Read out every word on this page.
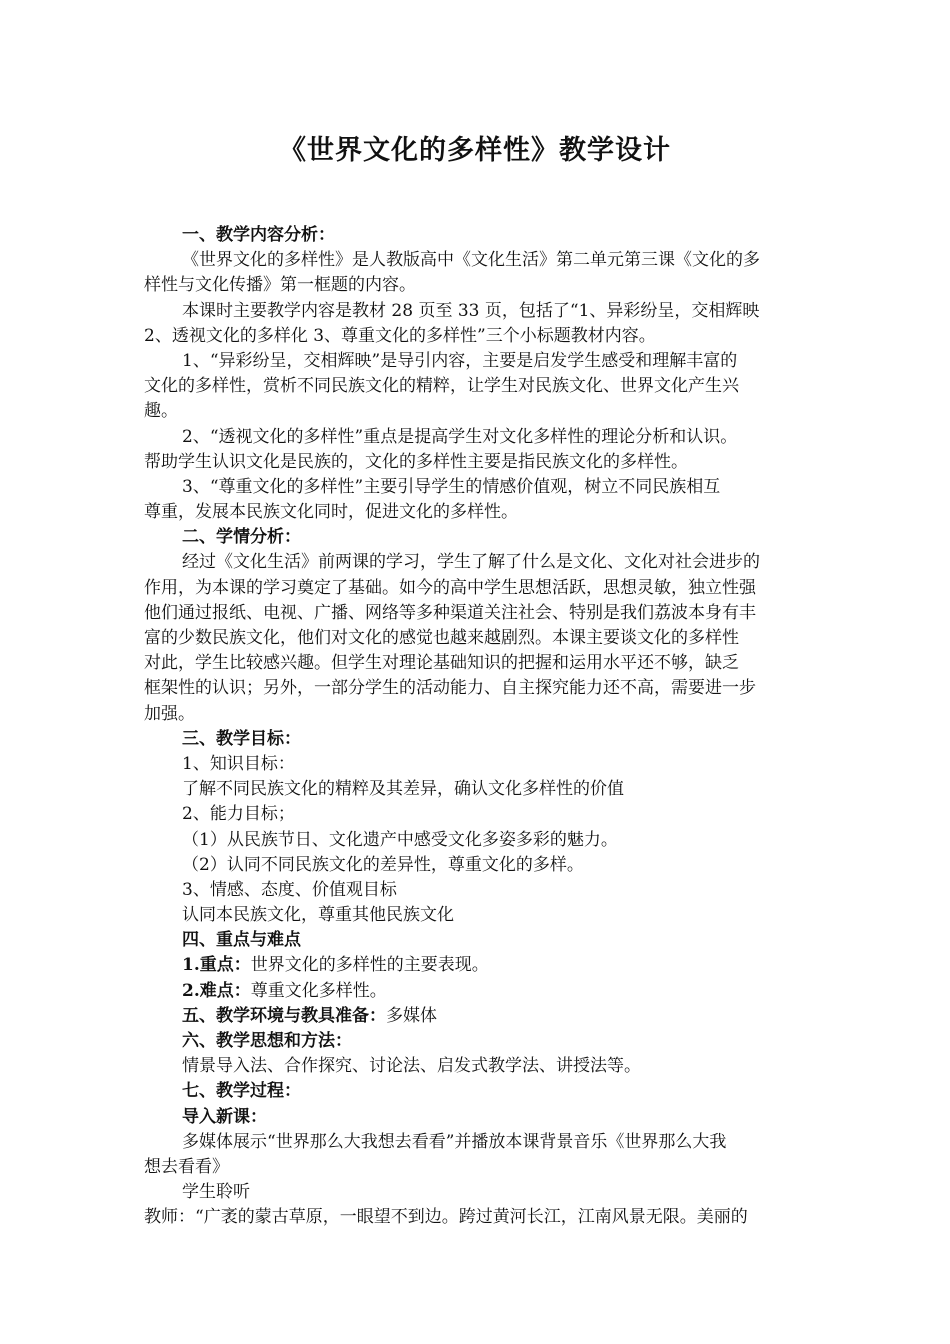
《世界文化的多样性》教学设计
一、教学内容分析：
《世界文化的多样性》是人教版高中《文化生活》第二单元第三课《文化的多
样性与文化传播》第一框题的内容。
本课时主要教学内容是教材 28 页至 33 页，包括了“1、异彩纷呈，交相辉映
2、透视文化的多样化 3、尊重文化的多样性”三个小标题教材内容。
1、“异彩纷呈，交相辉映”是导引内容，主要是启发学生感受和理解丰富的
文化的多样性，赏析不同民族文化的精粹，让学生对民族文化、世界文化产生兴
趣。
2、“透视文化的多样性”重点是提高学生对文化多样性的理论分析和认识。
帮助学生认识文化是民族的，文化的多样性主要是指民族文化的多样性。
3、“尊重文化的多样性”主要引导学生的情感价值观，树立不同民族相互
尊重，发展本民族文化同时，促进文化的多样性。
二、学情分析：
经过《文化生活》前两课的学习，学生了解了什么是文化、文化对社会进步的
作用，为本课的学习奠定了基础。如今的高中学生思想活跃，思想灵敏，独立性强
他们通过报纸、电视、广播、网络等多种渠道关注社会、特别是我们荔波本身有丰
富的少数民族文化，他们对文化的感觉也越来越剧烈。本课主要谈文化的多样性
对此，学生比较感兴趣。但学生对理论基础知识的把握和运用水平还不够，缺乏
框架性的认识；另外，一部分学生的活动能力、自主探究能力还不高，需要进一步
加强。
三、教学目标：
1、知识目标：
了解不同民族文化的精粹及其差异，确认文化多样性的价值
2、能力目标；
（1）从民族节日、文化遗产中感受文化多姿多彩的魅力。
（2）认同不同民族文化的差异性，尊重文化的多样。
3、情感、态度、价值观目标
认同本民族文化，尊重其他民族文化
四、重点与难点
1.重点：世界文化的多样性的主要表现。
2.难点：尊重文化多样性。
五、教学环境与教具准备：多媒体
六、教学思想和方法：
情景导入法、合作探究、讨论法、启发式教学法、讲授法等。
七、教学过程：
导入新课：
多媒体展示“世界那么大我想去看看”并播放本课背景音乐《世界那么大我
想去看看》
学生聆听
教师：“广袤的蒙古草原，一眼望不到边。跨过黄河长江，江南风景无限。美丽的
